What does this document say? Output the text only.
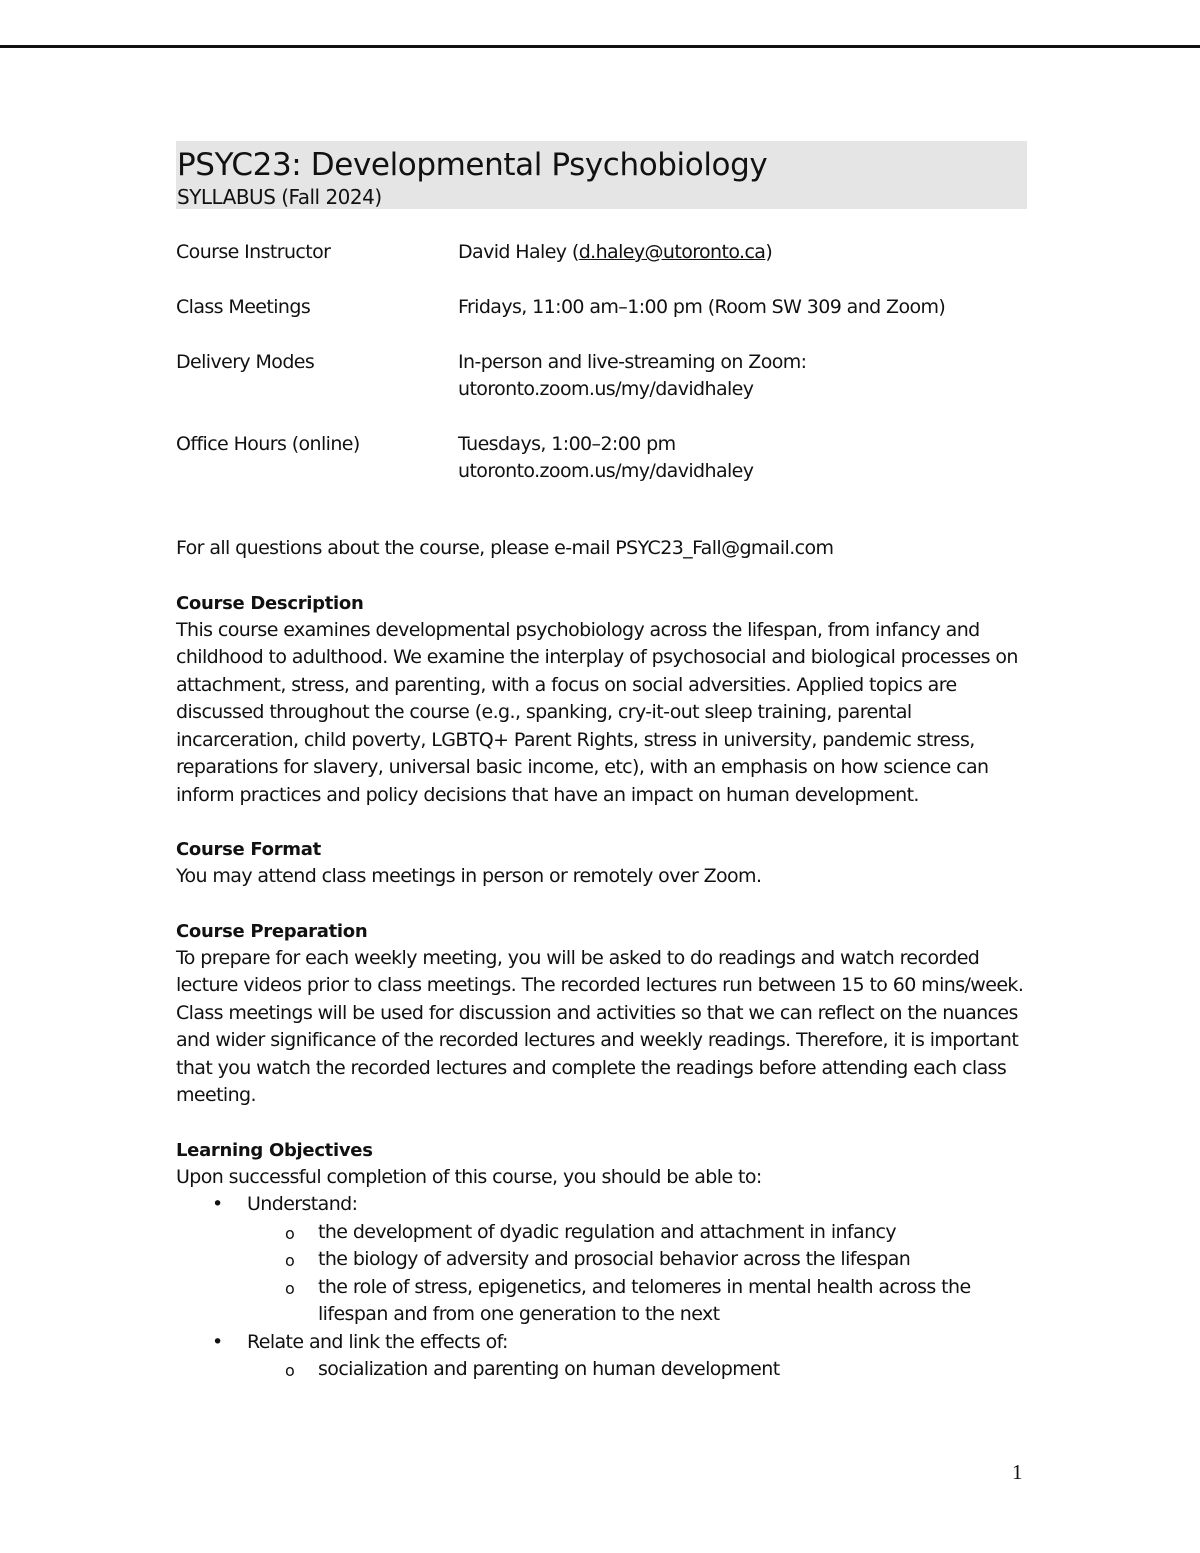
PSYC23: Developmental Psychobiology
SYLLABUS (Fall 2024)
Course Instructor	David Haley (d.haley@utoronto.ca)
Class Meetings	Fridays, 11:00 am–1:00 pm (Room SW 309 and Zoom)
Delivery Modes	In-person and live-streaming on Zoom:
utoronto.zoom.us/my/davidhaley
Office Hours (online)	Tuesdays, 1:00–2:00 pm
utoronto.zoom.us/my/davidhaley
For all questions about the course, please e-mail PSYC23_Fall@gmail.com
Course Description
This course examines developmental psychobiology across the lifespan, from infancy and childhood to adulthood. We examine the interplay of psychosocial and biological processes on attachment, stress, and parenting, with a focus on social adversities. Applied topics are discussed throughout the course (e.g., spanking, cry-it-out sleep training, parental incarceration, child poverty, LGBTQ+ Parent Rights, stress in university, pandemic stress, reparations for slavery, universal basic income, etc), with an emphasis on how science can inform practices and policy decisions that have an impact on human development.
Course Format
You may attend class meetings in person or remotely over Zoom.
Course Preparation
To prepare for each weekly meeting, you will be asked to do readings and watch recorded lecture videos prior to class meetings. The recorded lectures run between 15 to 60 mins/week. Class meetings will be used for discussion and activities so that we can reflect on the nuances and wider significance of the recorded lectures and weekly readings. Therefore, it is important that you watch the recorded lectures and complete the readings before attending each class meeting.
Learning Objectives
Upon successful completion of this course, you should be able to:
• Understand:
o the development of dyadic regulation and attachment in infancy
o the biology of adversity and prosocial behavior across the lifespan
o the role of stress, epigenetics, and telomeres in mental health across the lifespan and from one generation to the next
• Relate and link the effects of:
o socialization and parenting on human development
1
